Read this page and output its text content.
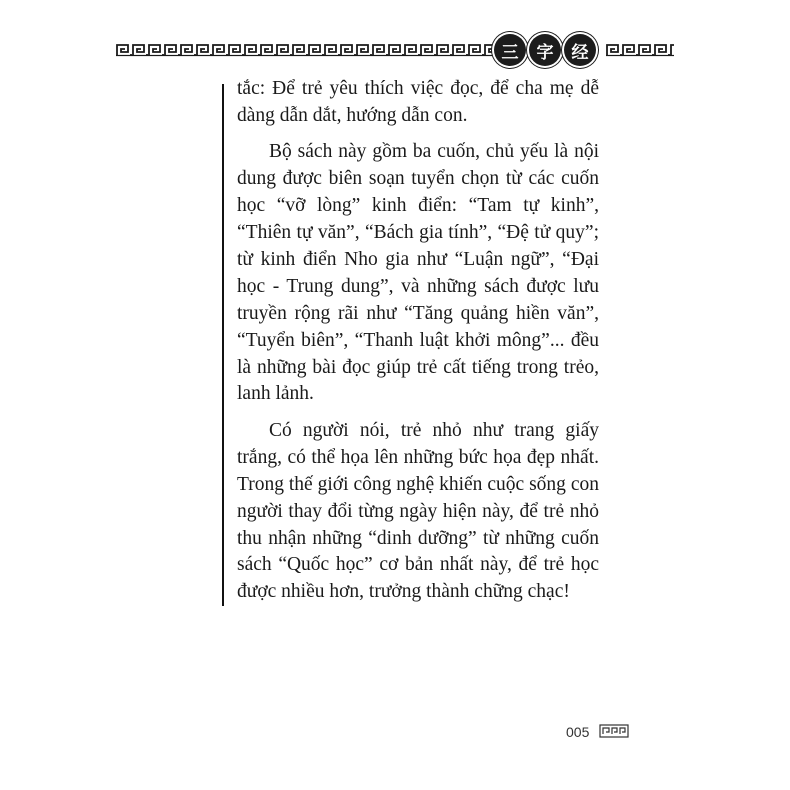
三 字 经

tắc: Để trẻ yêu thích việc đọc, để cha mẹ dễ dàng dẫn dắt, hướng dẫn con.

Bộ sách này gồm ba cuốn, chủ yếu là nội dung được biên soạn tuyển chọn từ các cuốn học “vỡ lòng” kinh điển: “Tam tự kinh”, “Thiên tự văn”, “Bách gia tính”, “Đệ tử quy”; từ kinh điển Nho gia như “Luận ngữ”, “Đại học - Trung dung”, và những sách được lưu truyền rộng rãi như “Tăng quảng hiền văn”, “Tuyển biên”, “Thanh luật khởi mông”... đều là những bài đọc giúp trẻ cất tiếng trong trẻo, lanh lảnh.

Có người nói, trẻ nhỏ như trang giấy trắng, có thể họa lên những bức họa đẹp nhất. Trong thế giới công nghệ khiến cuộc sống con người thay đổi từng ngày hiện này, để trẻ nhỏ thu nhận những “dinh dưỡng” từ những cuốn sách “Quốc học” cơ bản nhất này, để trẻ học được nhiều hơn, trưởng thành chững chạc!

005
